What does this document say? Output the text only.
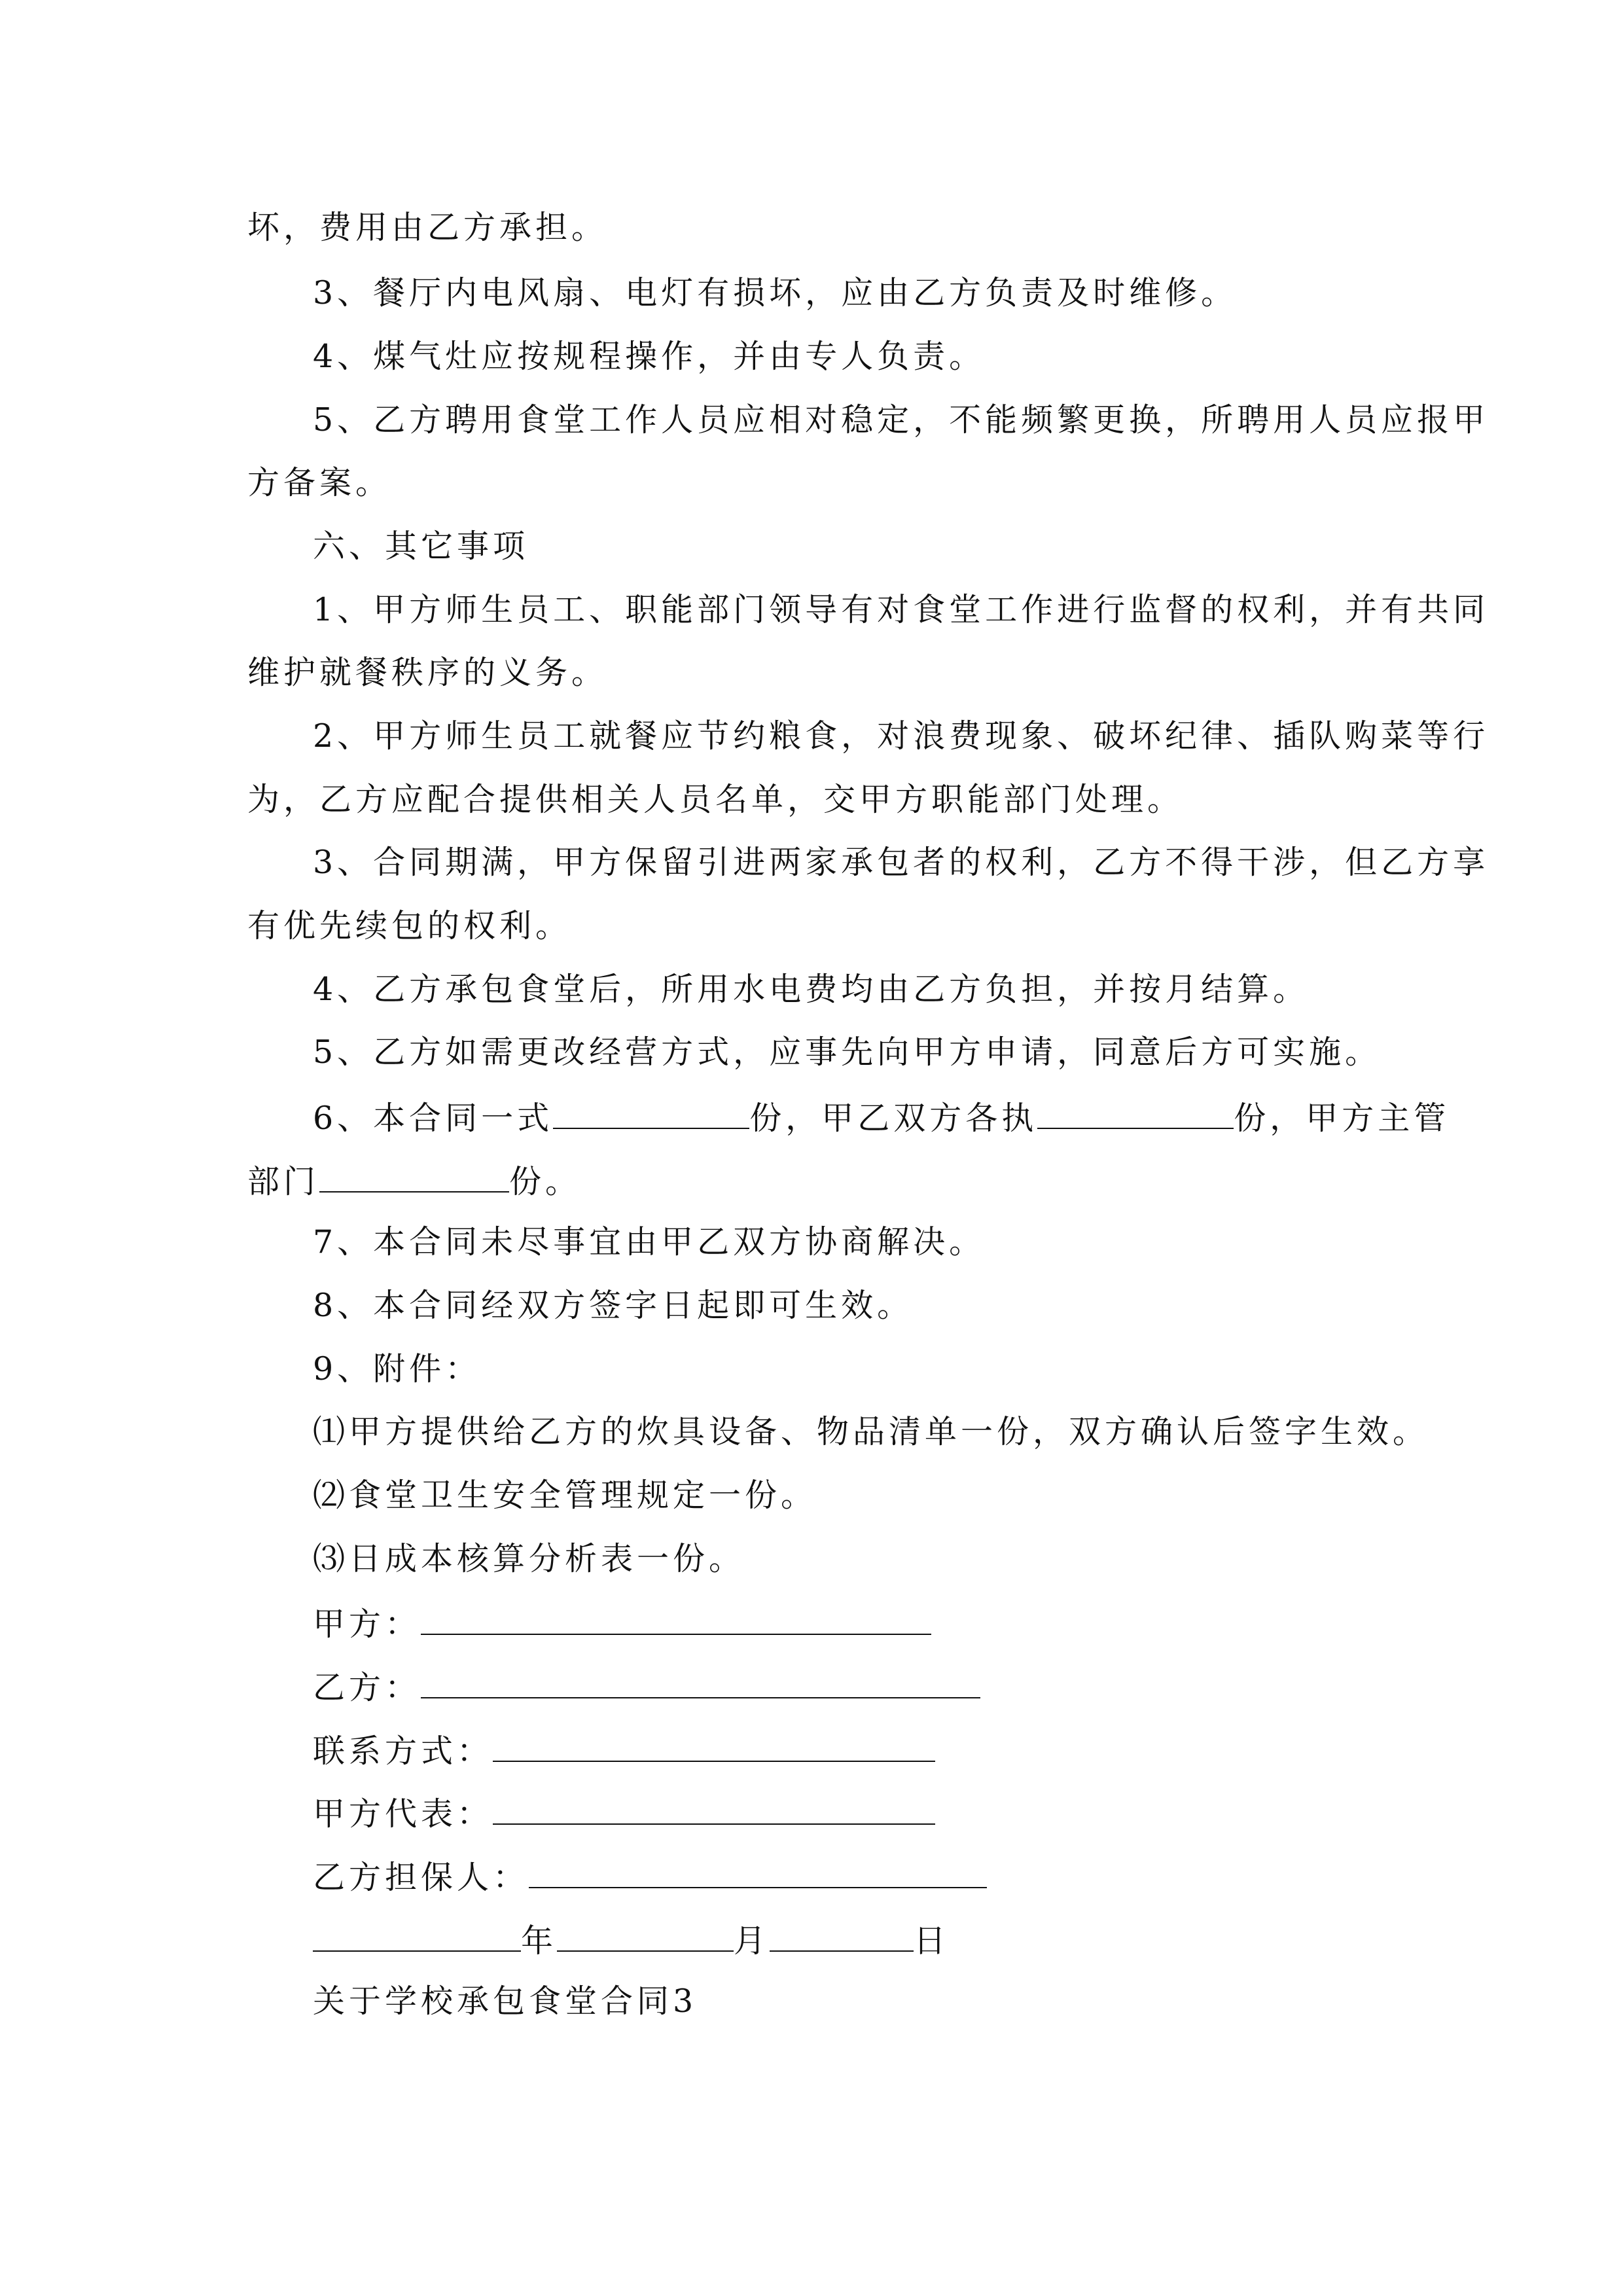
坏，费用由乙方承担。
3、餐厅内电风扇、电灯有损坏，应由乙方负责及时维修。
4、煤气灶应按规程操作，并由专人负责。
5、乙方聘用食堂工作人员应相对稳定，不能频繁更换，所聘用人员应报甲
方备案。
六、其它事项
1、甲方师生员工、职能部门领导有对食堂工作进行监督的权利，并有共同
维护就餐秩序的义务。
2、甲方师生员工就餐应节约粮食，对浪费现象、破坏纪律、插队购菜等行
为，乙方应配合提供相关人员名单，交甲方职能部门处理。
3、合同期满，甲方保留引进两家承包者的权利，乙方不得干涉，但乙方享
有优先续包的权利。
4、乙方承包食堂后，所用水电费均由乙方负担，并按月结算。
5、乙方如需更改经营方式，应事先向甲方申请，同意后方可实施。
6、本合同一式	份，甲乙双方各执	份，甲方主管
部门	份。
7、本合同未尽事宜由甲乙双方协商解决。
8、本合同经双方签字日起即可生效。
9、附件：
⑴甲方提供给乙方的炊具设备、物品清单一份，双方确认后签字生效。
⑵食堂卫生安全管理规定一份。
⑶日成本核算分析表一份。
甲方：
乙方：
联系方式：
甲方代表：
乙方担保人：
年	月	日
关于学校承包食堂合同3
